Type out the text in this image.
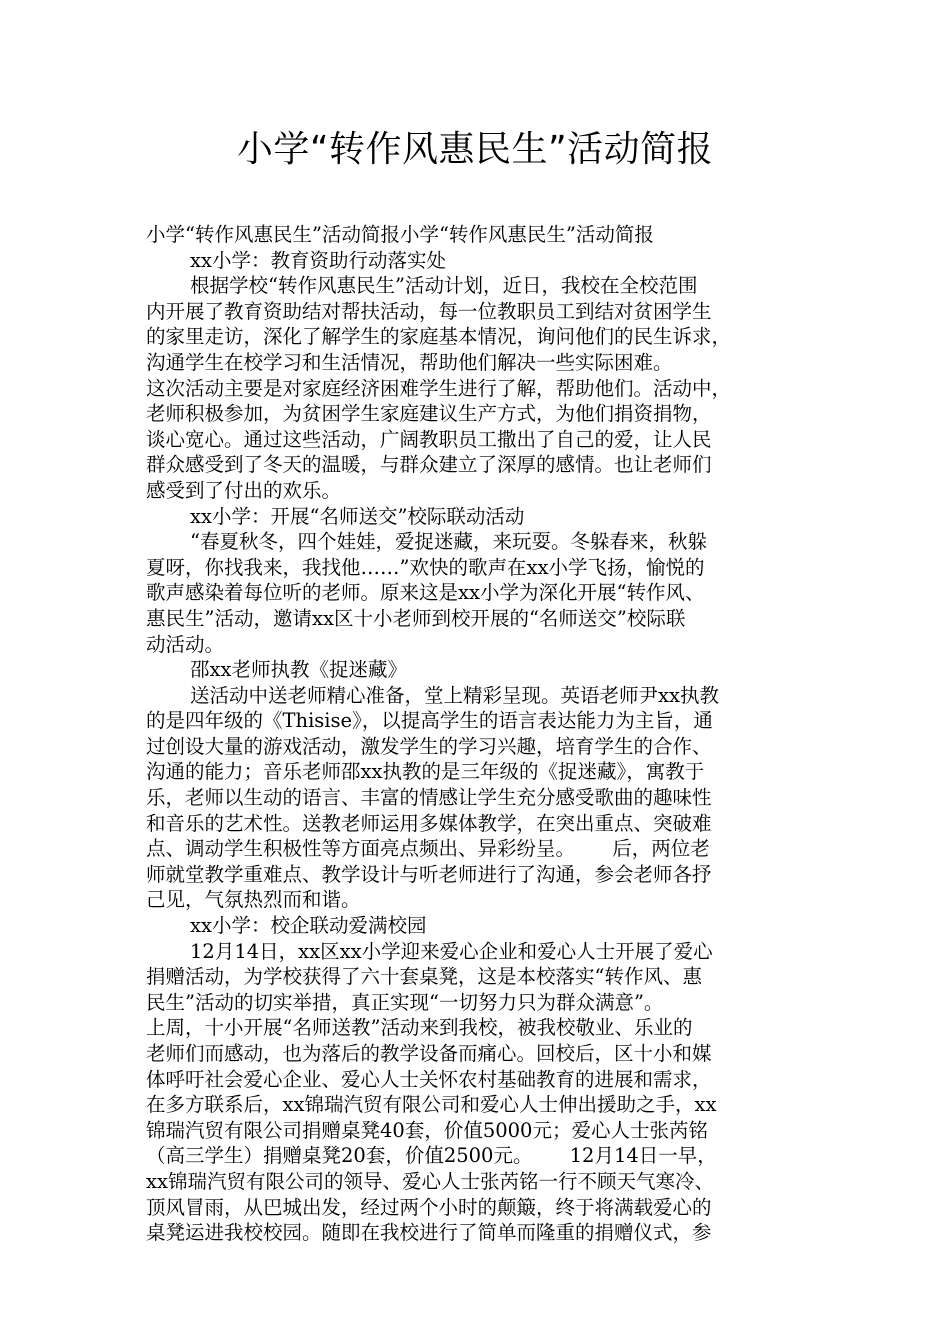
小学“转作风惠民生”活动简报
小学“转作风惠民生”活动简报小学“转作风惠民生”活动简报
xx小学：教育资助行动落实处
根据学校“转作风惠民生”活动计划，近日，我校在全校范围
内开展了教育资助结对帮扶活动，每一位教职员工到结对贫困学生
的家里走访，深化了解学生的家庭基本情况，询问他们的民生诉求，
沟通学生在校学习和生活情况，帮助他们解决一些实际困难。
这次活动主要是对家庭经济困难学生进行了解，帮助他们。活动中，
老师积极参加，为贫困学生家庭建议生产方式，为他们捐资捐物，
谈心宽心。通过这些活动，广阔教职员工撒出了自己的爱，让人民
群众感受到了冬天的温暖，与群众建立了深厚的感情。也让老师们
感受到了付出的欢乐。
xx小学：开展“名师送交”校际联动活动
“春夏秋冬，四个娃娃，爱捉迷藏，来玩耍。冬躲春来，秋躲
夏呀，你找我来，我找他……”欢快的歌声在xx小学飞扬，愉悦的
歌声感染着每位听的老师。原来这是xx小学为深化开展“转作风、
惠民生”活动，邀请xx区十小老师到校开展的“名师送交”校际联
动活动。
邵xx老师执教《捉迷藏》
送活动中送老师精心准备，堂上精彩呈现。英语老师尹xx执教
的是四年级的《Thisise》，以提高学生的语言表达能力为主旨，通
过创设大量的游戏活动，激发学生的学习兴趣，培育学生的合作、
沟通的能力；音乐老师邵xx执教的是三年级的《捉迷藏》，寓教于
乐，老师以生动的语言、丰富的情感让学生充分感受歌曲的趣味性
和音乐的艺术性。送教老师运用多媒体教学，在突出重点、突破难
点、调动学生积极性等方面亮点频出、异彩纷呈。      后，两位老
师就堂教学重难点、教学设计与听老师进行了沟通，参会老师各抒
己见，气氛热烈而和谐。
xx小学：校企联动爱满校园
12月14日，xx区xx小学迎来爱心企业和爱心人士开展了爱心
捐赠活动，为学校获得了六十套桌凳，这是本校落实“转作风、惠
民生”活动的切实举措，真正实现“一切努力只为群众满意”。
上周，十小开展“名师送教”活动来到我校，被我校敬业、乐业的
老师们而感动，也为落后的教学设备而痛心。回校后，区十小和媒
体呼吁社会爱心企业、爱心人士关怀农村基础教育的进展和需求，
在多方联系后，xx锦瑞汽贸有限公司和爱心人士伸出援助之手，xx
锦瑞汽贸有限公司捐赠桌凳40套，价值5000元；爱心人士张芮铭
（高三学生）捐赠桌凳20套，价值2500元。      12月14日一早，
xx锦瑞汽贸有限公司的领导、爱心人士张芮铭一行不顾天气寒冷、
顶风冒雨，从巴城出发，经过两个小时的颠簸，终于将满载爱心的
桌凳运进我校校园。随即在我校进行了简单而隆重的捐赠仪式，参
